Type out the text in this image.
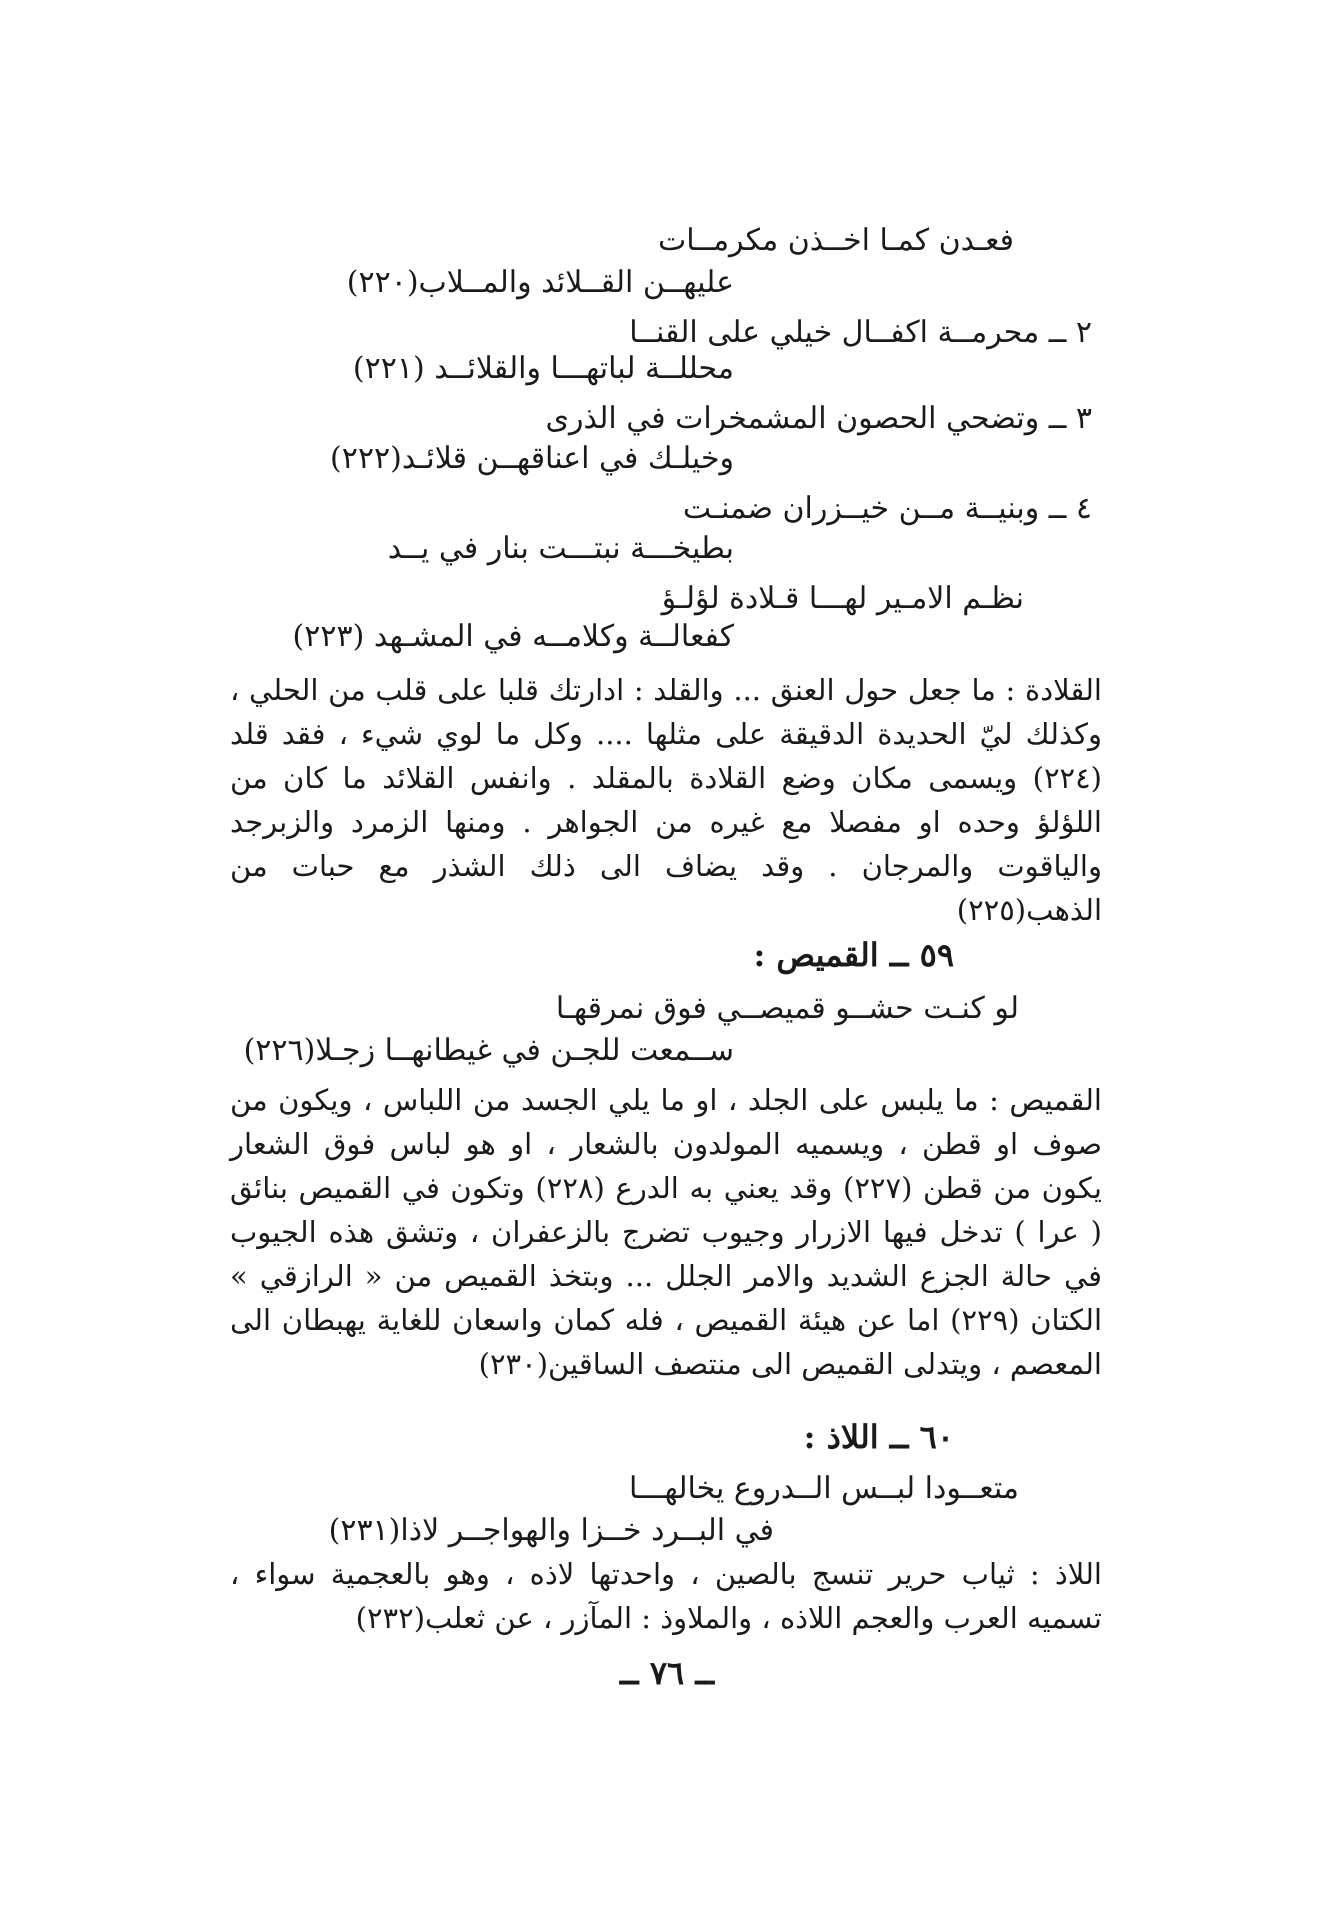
فعـدن كمـا اخــذن مكرمــات
عليهــن القــلائد والمــلاب(٢٢٠)
٢ ــ محرمــة اكفــال خيلي على القنــا
محللــة لباتهـــا والقلائــد (٢٢١)
٣ ــ وتضحي الحصون المشمخرات في الذرى
وخيلـك في اعناقهــن قلائـد(٢٢٢)
٤ ــ وبنيــة مــن خيــزران ضمنـت
بطيخـــة نبتـــت بنار في يــد
نظـم الامـير لهـــا قـلادة لؤلـؤ
كفعالــة وكلامــه في المشـهد (٢٢٣)

القلادة : ما جعل حول العنق ... والقلد : ادارتك قلبا على قلب من الحلي ، وكذلك ليّ الحديدة الدقيقة على مثلها .... وكل ما لوي شيء ، فقد قلد (٢٢٤) ويسمى مكان وضع القلادة بالمقلد . وانفس القلائد ما كان من اللؤلؤ وحده او مفصلا مع غيره من الجواهر . ومنها الزمرد والزبرجد والياقوت والمرجان . وقد يضاف الى ذلك الشذر مع حبات من الذهب(٢٢٥)

٥٩ ــ القميص :
لو كنـت حشــو قميصــي فوق نمرقهـا
ســمعت للجـن في غيطانهــا زجـلا(٢٢٦)

القميص : ما يلبس على الجلد ، او ما يلي الجسد من اللباس ، ويكون من صوف او قطن ، ويسميه المولدون بالشعار ، او هو لباس فوق الشعار يكون من قطن (٢٢٧) وقد يعني به الدرع (٢٢٨) وتكون في القميص بنائق ( عرا ) تدخل فيها الازرار وجيوب تضرج بالزعفران ، وتشق هذه الجيوب في حالة الجزع الشديد والامر الجلل ... وبتخذ القميص من « الرازقي » الكتان (٢٢٩) اما عن هيئة القميص ، فله كمان واسعان للغاية يهبطان الى المعصم ، ويتدلى القميص الى منتصف الساقين(٢٣٠)

٦٠ ــ اللاذ :
متعــودا لبــس الــدروع يخالهـــا
في البــرد خــزا والهواجــر لاذا(٢٣١)

اللاذ : ثياب حرير تنسج بالصين ، واحدتها لاذه ، وهو بالعجمية سواء ، تسميه العرب والعجم اللاذه ، والملاوذ : المآزر ، عن ثعلب(٢٣٢)

ــ ٧٦ ــ
